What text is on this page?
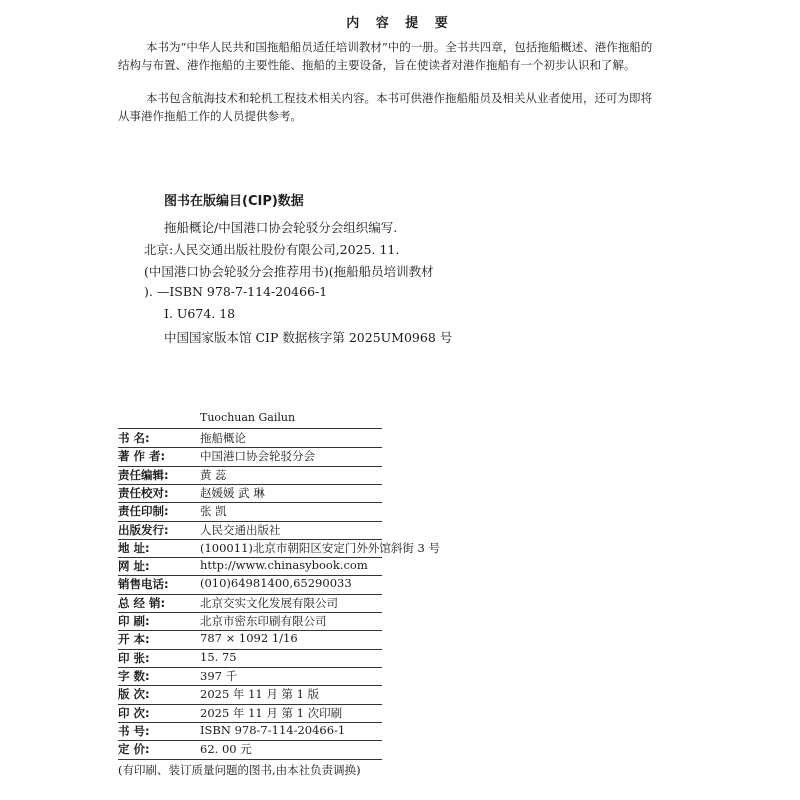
内 容 提 要
本书为“中华人民共和国拖船船员适任培训教材”中的一册。全书共四章，包括拖船概述、港作拖船的
结构与布置、港作拖船的主要性能、拖船的主要设备，旨在使读者对港作拖船有一个初步认识和了解。
本书包含航海技术和轮机工程技术相关内容。本书可供港作拖船船员及相关从业者使用，还可为即将
从事港作拖船工作的人员提供参考。
图书在版编目(CIP)数据
拖船概论/中国港口协会轮驳分会组织编写.
北京:人民交通出版社股份有限公司,2025. 11.
(中国港口协会轮驳分会推荐用书)(拖船船员培训教材
). —ISBN 978-7-114-20466-1
Ⅰ. U674. 18
中国国家版本馆 CIP 数据核字第 2025UM0968 号
Tuochuan Gailun
书 名:	拖船概论
著 作 者:	中国港口协会轮驳分会
责任编辑:	黄 蕊
责任校对:	赵媛媛 武 琳
责任印制:	张 凯
出版发行:	人民交通出版社
地 址:	(100011)北京市朝阳区安定门外外馆斜街 3 号
网 址:	http://www.chinasybook.com
销售电话:	(010)64981400,65290033
总 经 销:	北京交实文化发展有限公司
印 刷:	北京市密东印刷有限公司
开 本:	787 × 1092 1/16
印 张:	15. 75
字 数:	397 千
版 次:	2025 年 11 月 第 1 版
印 次:	2025 年 11 月 第 1 次印刷
书 号:	ISBN 978-7-114-20466-1
定 价:	62. 00 元
(有印刷、装订质量问题的图书,由本社负责调换)
